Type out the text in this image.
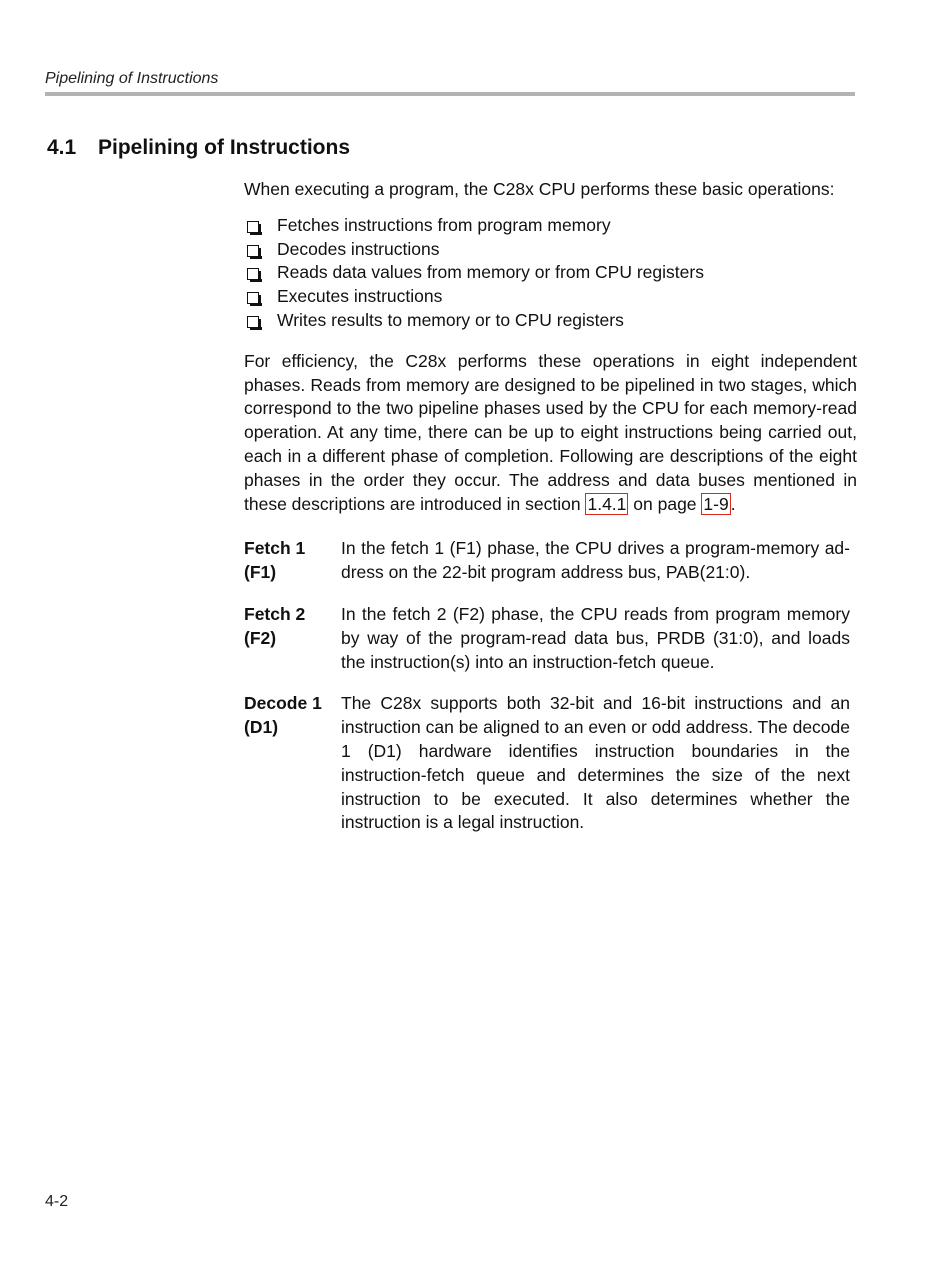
Pipelining of Instructions
4.1 Pipelining of Instructions

When executing a program, the C28x CPU performs these basic operations:

Fetches instructions from program memory
Decodes instructions
Reads data values from memory or from CPU registers
Executes instructions
Writes results to memory or to CPU registers

For efficiency, the C28x performs these operations in eight independent phases. Reads from memory are designed to be pipelined in two stages, which correspond to the two pipeline phases used by the CPU for each memory-read operation. At any time, there can be up to eight instructions being carried out, each in a different phase of completion. Following are descriptions of the eight phases in the order they occur. The address and data buses mentioned in these descriptions are introduced in section 1.4.1 on page 1-9 .

Fetch 1
(F1)
In the fetch 1 (F1) phase, the CPU drives a program-memory ad-dress on the 22-bit program address bus, PAB(21:0).
Fetch 2
(F2)
In the fetch 2 (F2) phase, the CPU reads from program memory by way of the program-read data bus, PRDB (31:0), and loads the instruction(s) into an instruction-fetch queue.
Decode 1
(D1)
The C28x supports both 32-bit and 16-bit instructions and an instruction can be aligned to an even or odd address. The decode 1 (D1) hardware identifies instruction boundaries in the instruction-fetch queue and determines the size of the next instruction to be executed. It also determines whether the instruction is a legal instruction.
4-2
